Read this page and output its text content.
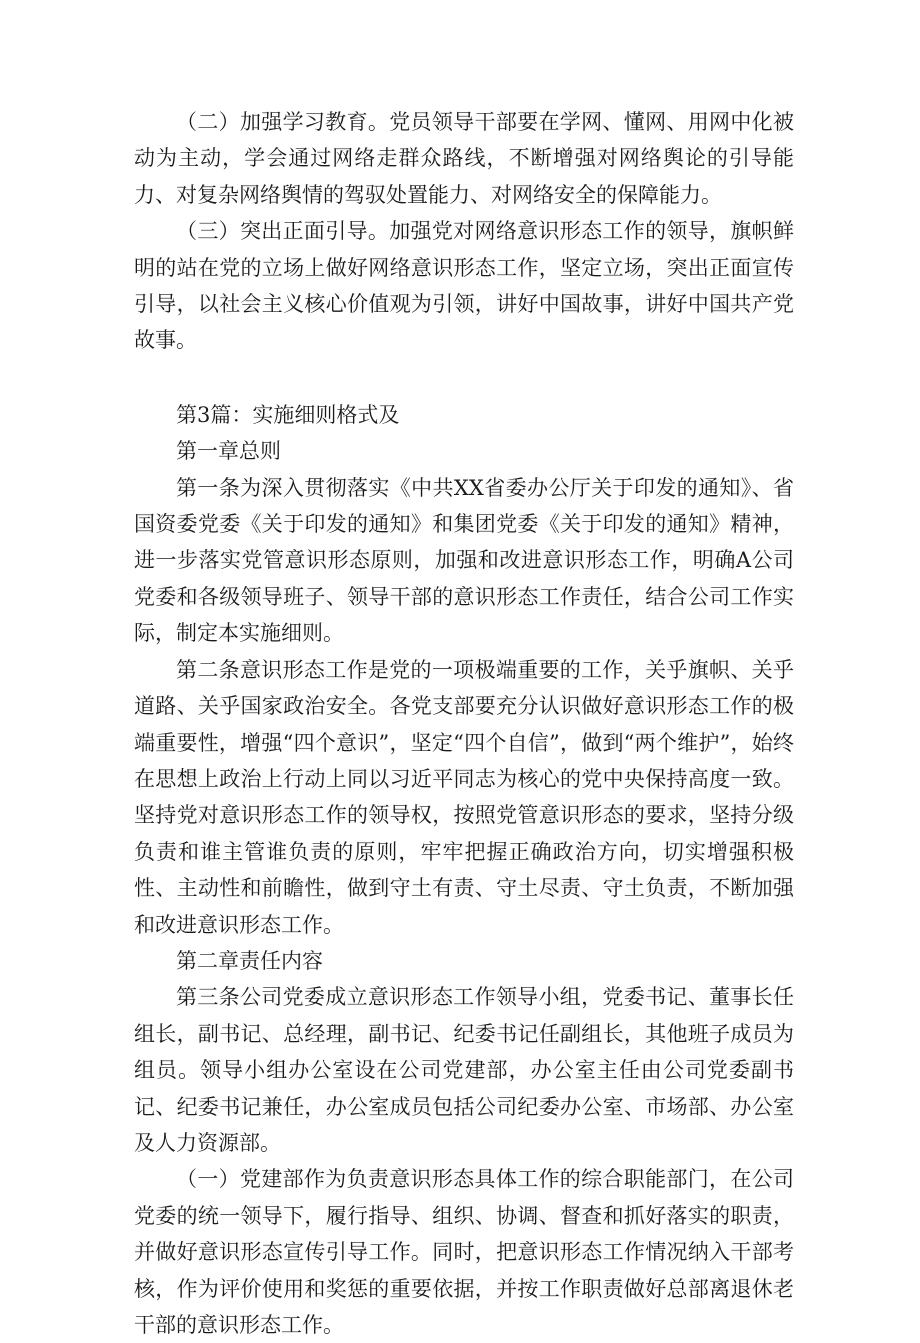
（二）加强学习教育。党员领导干部要在学网、懂网、用网中化被动为主动，学会通过网络走群众路线，不断增强对网络舆论的引导能力、对复杂网络舆情的驾驭处置能力、对网络安全的保障能力。

（三）突出正面引导。加强党对网络意识形态工作的领导，旗帜鲜明的站在党的立场上做好网络意识形态工作，坚定立场，突出正面宣传引导，以社会主义核心价值观为引领，讲好中国故事，讲好中国共产党故事。

第3篇：实施细则格式及

第一章总则

第一条为深入贯彻落实《中共XX省委办公厅关于印发的通知》、省国资委党委《关于印发的通知》和集团党委《关于印发的通知》精神，进一步落实党管意识形态原则，加强和改进意识形态工作，明确A公司党委和各级领导班子、领导干部的意识形态工作责任，结合公司工作实际，制定本实施细则。

第二条意识形态工作是党的一项极端重要的工作，关乎旗帜、关乎道路、关乎国家政治安全。各党支部要充分认识做好意识形态工作的极端重要性，增强“四个意识”，坚定“四个自信”，做到“两个维护”，始终在思想上政治上行动上同以习近平同志为核心的党中央保持高度一致。坚持党对意识形态工作的领导权，按照党管意识形态的要求，坚持分级负责和谁主管谁负责的原则，牢牢把握正确政治方向，切实增强积极性、主动性和前瞻性，做到守土有责、守土尽责、守土负责，不断加强和改进意识形态工作。

第二章责任内容

第三条公司党委成立意识形态工作领导小组，党委书记、董事长任组长，副书记、总经理，副书记、纪委书记任副组长，其他班子成员为组员。领导小组办公室设在公司党建部，办公室主任由公司党委副书记、纪委书记兼任，办公室成员包括公司纪委办公室、市场部、办公室及人力资源部。

（一）党建部作为负责意识形态具体工作的综合职能部门，在公司党委的统一领导下，履行指导、组织、协调、督查和抓好落实的职责，并做好意识形态宣传引导工作。同时，把意识形态工作情况纳入干部考核，作为评价使用和奖惩的重要依据，并按工作职责做好总部离退休老干部的意识形态工作。
